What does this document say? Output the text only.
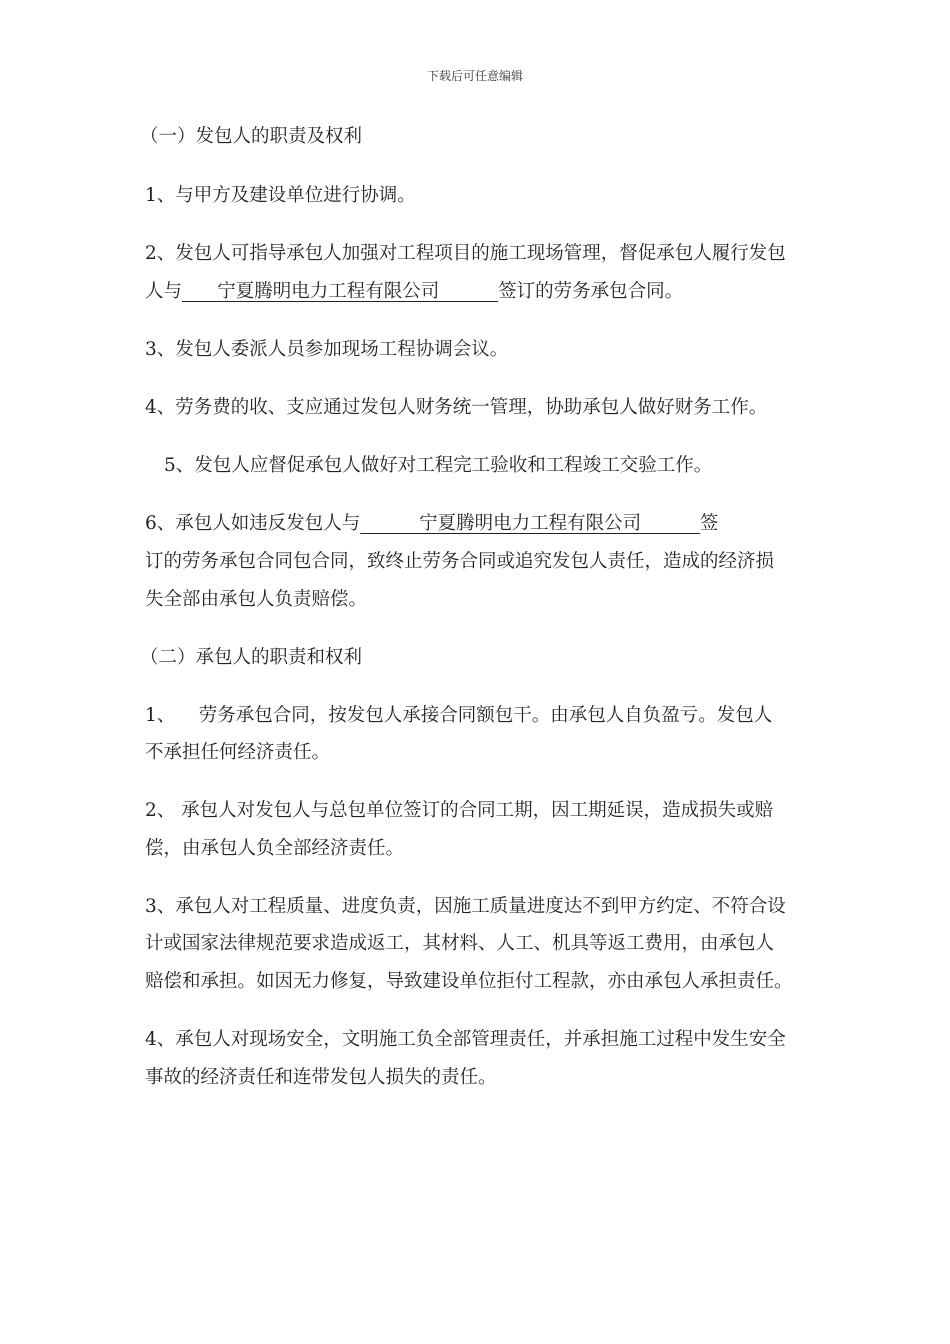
下载后可任意编辑
（一）发包人的职责及权利
1、与甲方及建设单位进行协调。
2、发包人可指导承包人加强对工程项目的施工现场管理，督促承包人履行发包
人与      宁夏腾明电力工程有限公司          签订的劳务承包合同。
3、发包人委派人员参加现场工程协调会议。
4、劳务费的收、支应通过发包人财务统一管理，协助承包人做好财务工作。
5、发包人应督促承包人做好对工程完工验收和工程竣工交验工作。
6、承包人如违反发包人与          宁夏腾明电力工程有限公司          签
订的劳务承包合同包合同，致终止劳务合同或追究发包人责任，造成的经济损
失全部由承包人负责赔偿。
（二）承包人的职责和权利
1、    劳务承包合同，按发包人承接合同额包干。由承包人自负盈亏。发包人
不承担任何经济责任。
2、 承包人对发包人与总包单位签订的合同工期，因工期延误，造成损失或赔
偿，由承包人负全部经济责任。
3、承包人对工程质量、进度负责，因施工质量进度达不到甲方约定、不符合设
计或国家法律规范要求造成返工，其材料、人工、机具等返工费用，由承包人
赔偿和承担。如因无力修复，导致建设单位拒付工程款，亦由承包人承担责任。
4、承包人对现场安全，文明施工负全部管理责任，并承担施工过程中发生安全
事故的经济责任和连带发包人损失的责任。
